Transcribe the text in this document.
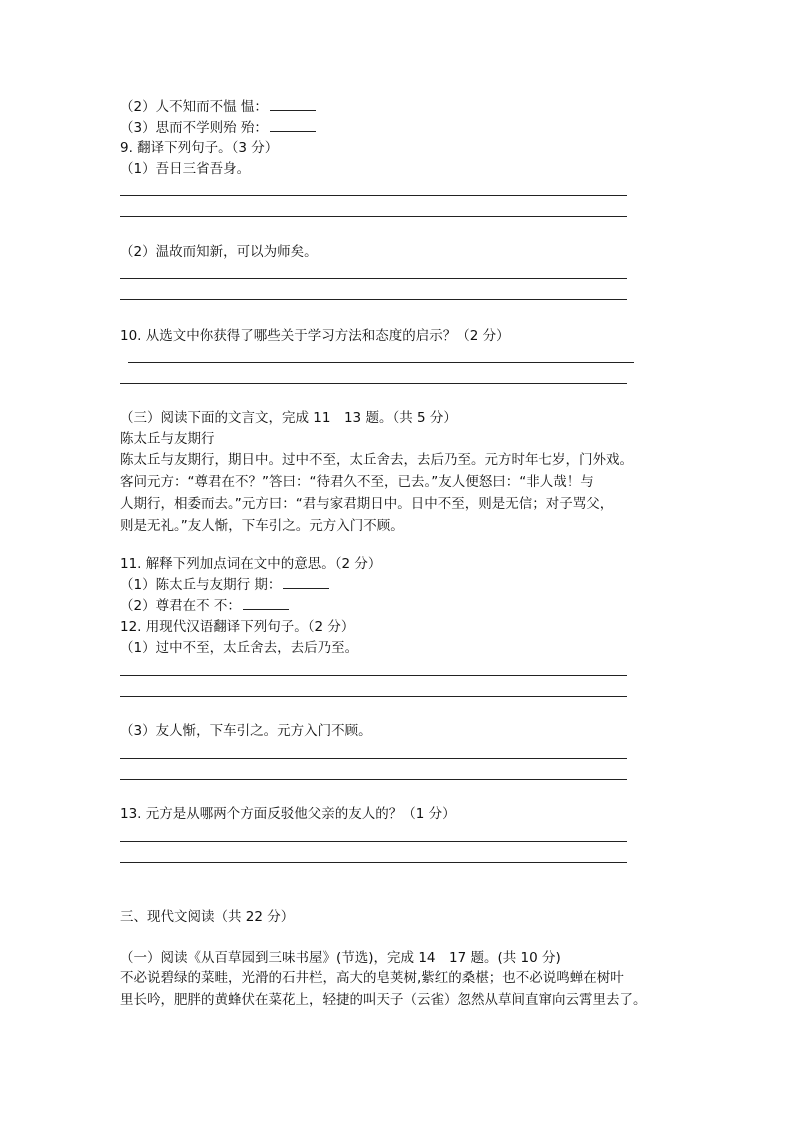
（2）人不知而不愠 愠：
（3）思而不学则殆 殆：
9. 翻译下列句子。（3 分）
（1）吾日三省吾身。
（2）温故而知新，可以为师矣。
10. 从选文中你获得了哪些关于学习方法和态度的启示？（2 分）
（三）阅读下面的文言文，完成 11　13 题。（共 5 分）
陈太丘与友期行
陈太丘与友期行，期日中。过中不至，太丘舍去，去后乃至。元方时年七岁，门外戏。
客问元方：“尊君在不？”答曰：“待君久不至，已去。”友人便怒曰：“非人哉！与
人期行，相委而去。”元方曰：“君与家君期日中。日中不至，则是无信；对子骂父，
则是无礼。”友人惭，下车引之。元方入门不顾。
11. 解释下列加点词在文中的意思。（2 分）
（1）陈太丘与友期行 期：
（2）尊君在不 不：
12. 用现代汉语翻译下列句子。（2 分）
（1）过中不至，太丘舍去，去后乃至。
（3）友人惭，下车引之。元方入门不顾。
13. 元方是从哪两个方面反驳他父亲的友人的？（1 分）
三、现代文阅读（共 22 分）
（一）阅读《从百草园到三味书屋》(节选)，完成 14　17 题。(共 10 分)
不必说碧绿的菜畦，光滑的石井栏，高大的皂荚树,紫红的桑椹；也不必说鸣蝉在树叶
里长吟，肥胖的黄蜂伏在菜花上，轻捷的叫天子（云雀）忽然从草间直窜向云霄里去了。
